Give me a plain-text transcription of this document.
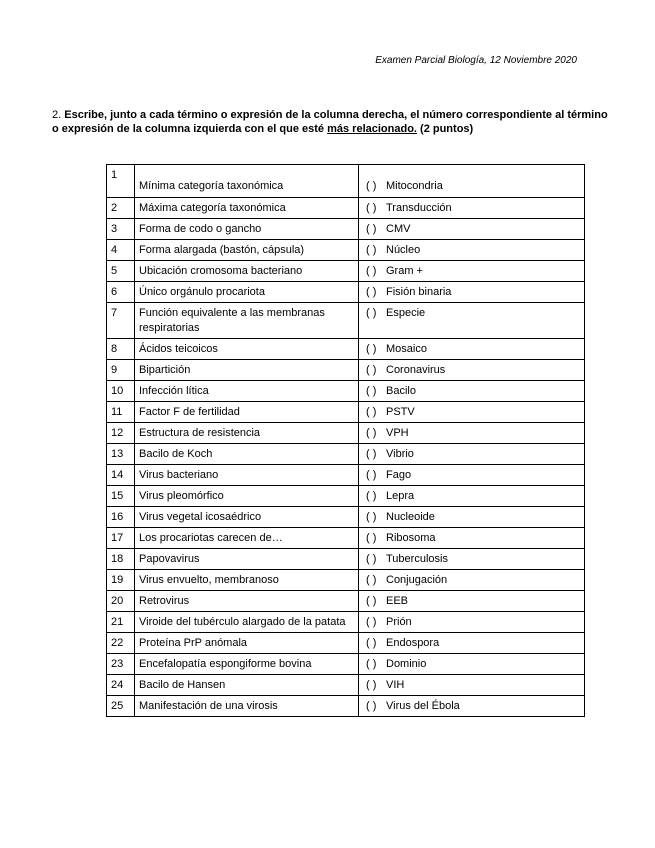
Examen Parcial Biología, 12 Noviembre 2020
2. Escribe, junto a cada término o expresión de la columna derecha, el número correspondiente al término o expresión de la columna izquierda con el que esté más relacionado. (2 puntos)
1	Mínima categoría taxonómica	( ) Mitocondria
2	Máxima categoría taxonómica	( ) Transducción
3	Forma de codo o gancho	( ) CMV
4	Forma alargada (bastón, cápsula)	( ) Núcleo
5	Ubicación cromosoma bacteriano	( ) Gram +
6	Único orgánulo procariota	( ) Fisión binaria
7	Función equivalente a las membranas respiratorias	( ) Especie
8	Ácidos teicoicos	( ) Mosaico
9	Bipartición	( ) Coronavirus
10	Infección lítica	( ) Bacilo
11	Factor F de fertilidad	( ) PSTV
12	Estructura de resistencia	( ) VPH
13	Bacilo de Koch	( ) Vibrio
14	Virus bacteriano	( ) Fago
15	Virus pleomórfico	( ) Lepra
16	Virus vegetal icosaédrico	( ) Nucleoide
17	Los procariotas carecen de…	( ) Ribosoma
18	Papovavirus	( ) Tuberculosis
19	Virus envuelto, membranoso	( ) Conjugación
20	Retrovirus	( ) EEB
21	Viroide del tubérculo alargado de la patata	( ) Prión
22	Proteína PrP anómala	( ) Endospora
23	Encefalopatía espongiforme bovina	( ) Dominio
24	Bacilo de Hansen	( ) VIH
25	Manifestación de una virosis	( ) Virus del Ébola
